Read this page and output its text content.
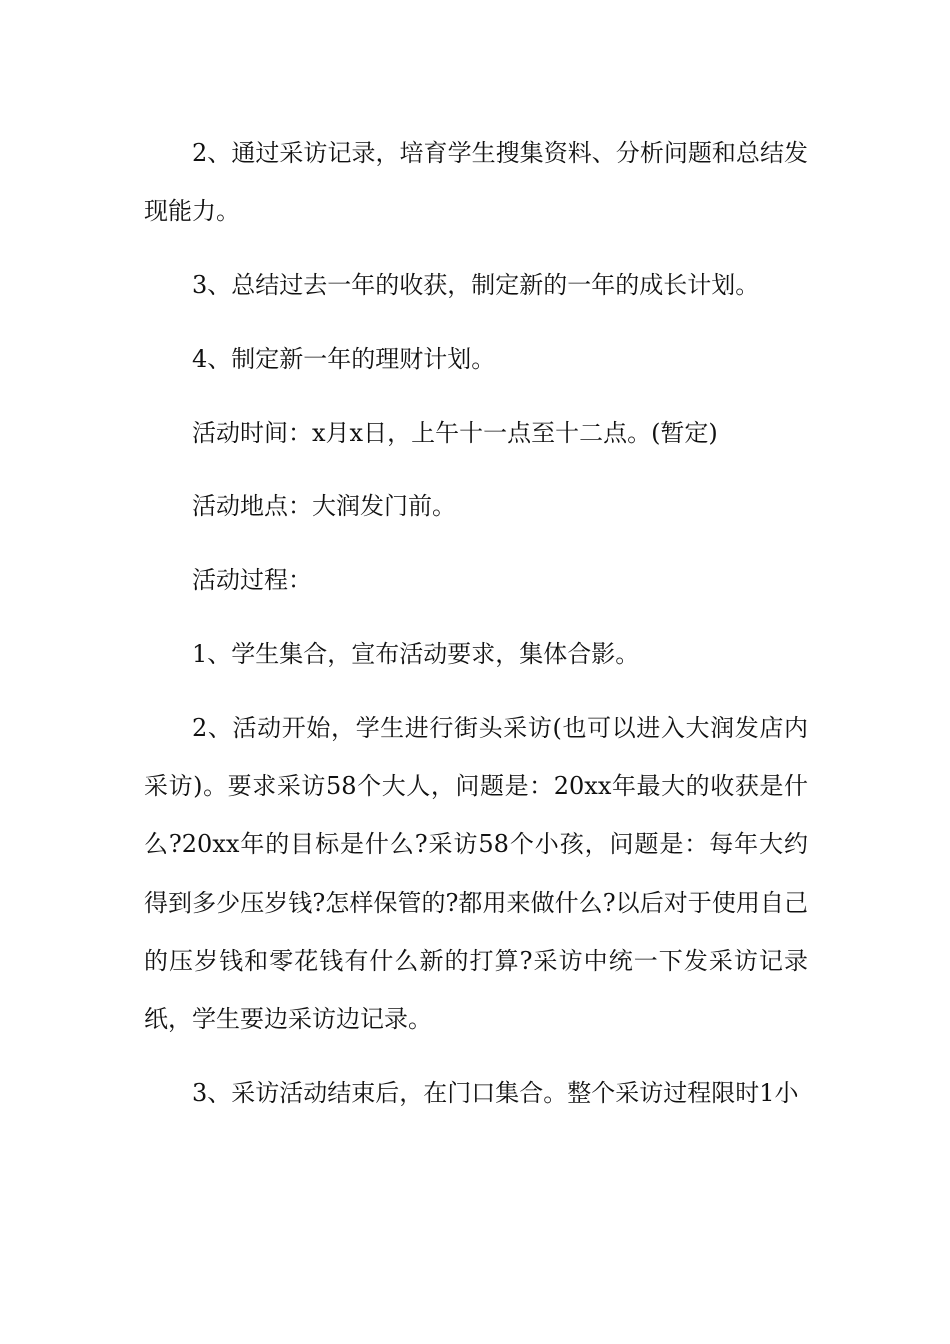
2、通过采访记录，培育学生搜集资料、分析问题和总结发现能力。

3、总结过去一年的收获，制定新的一年的成长计划。

4、制定新一年的理财计划。

活动时间：x月x日，上午十一点至十二点。(暂定)

活动地点：大润发门前。

活动过程：

1、学生集合，宣布活动要求，集体合影。

2、活动开始，学生进行街头采访(也可以进入大润发店内采访)。要求采访58个大人，问题是：20xx年最大的收获是什么?20xx年的目标是什么?采访58个小孩，问题是：每年大约得到多少压岁钱?怎样保管的?都用来做什么?以后对于使用自己的压岁钱和零花钱有什么新的打算?采访中统一下发采访记录纸，学生要边采访边记录。

3、采访活动结束后，在门口集合。整个采访过程限时1小
